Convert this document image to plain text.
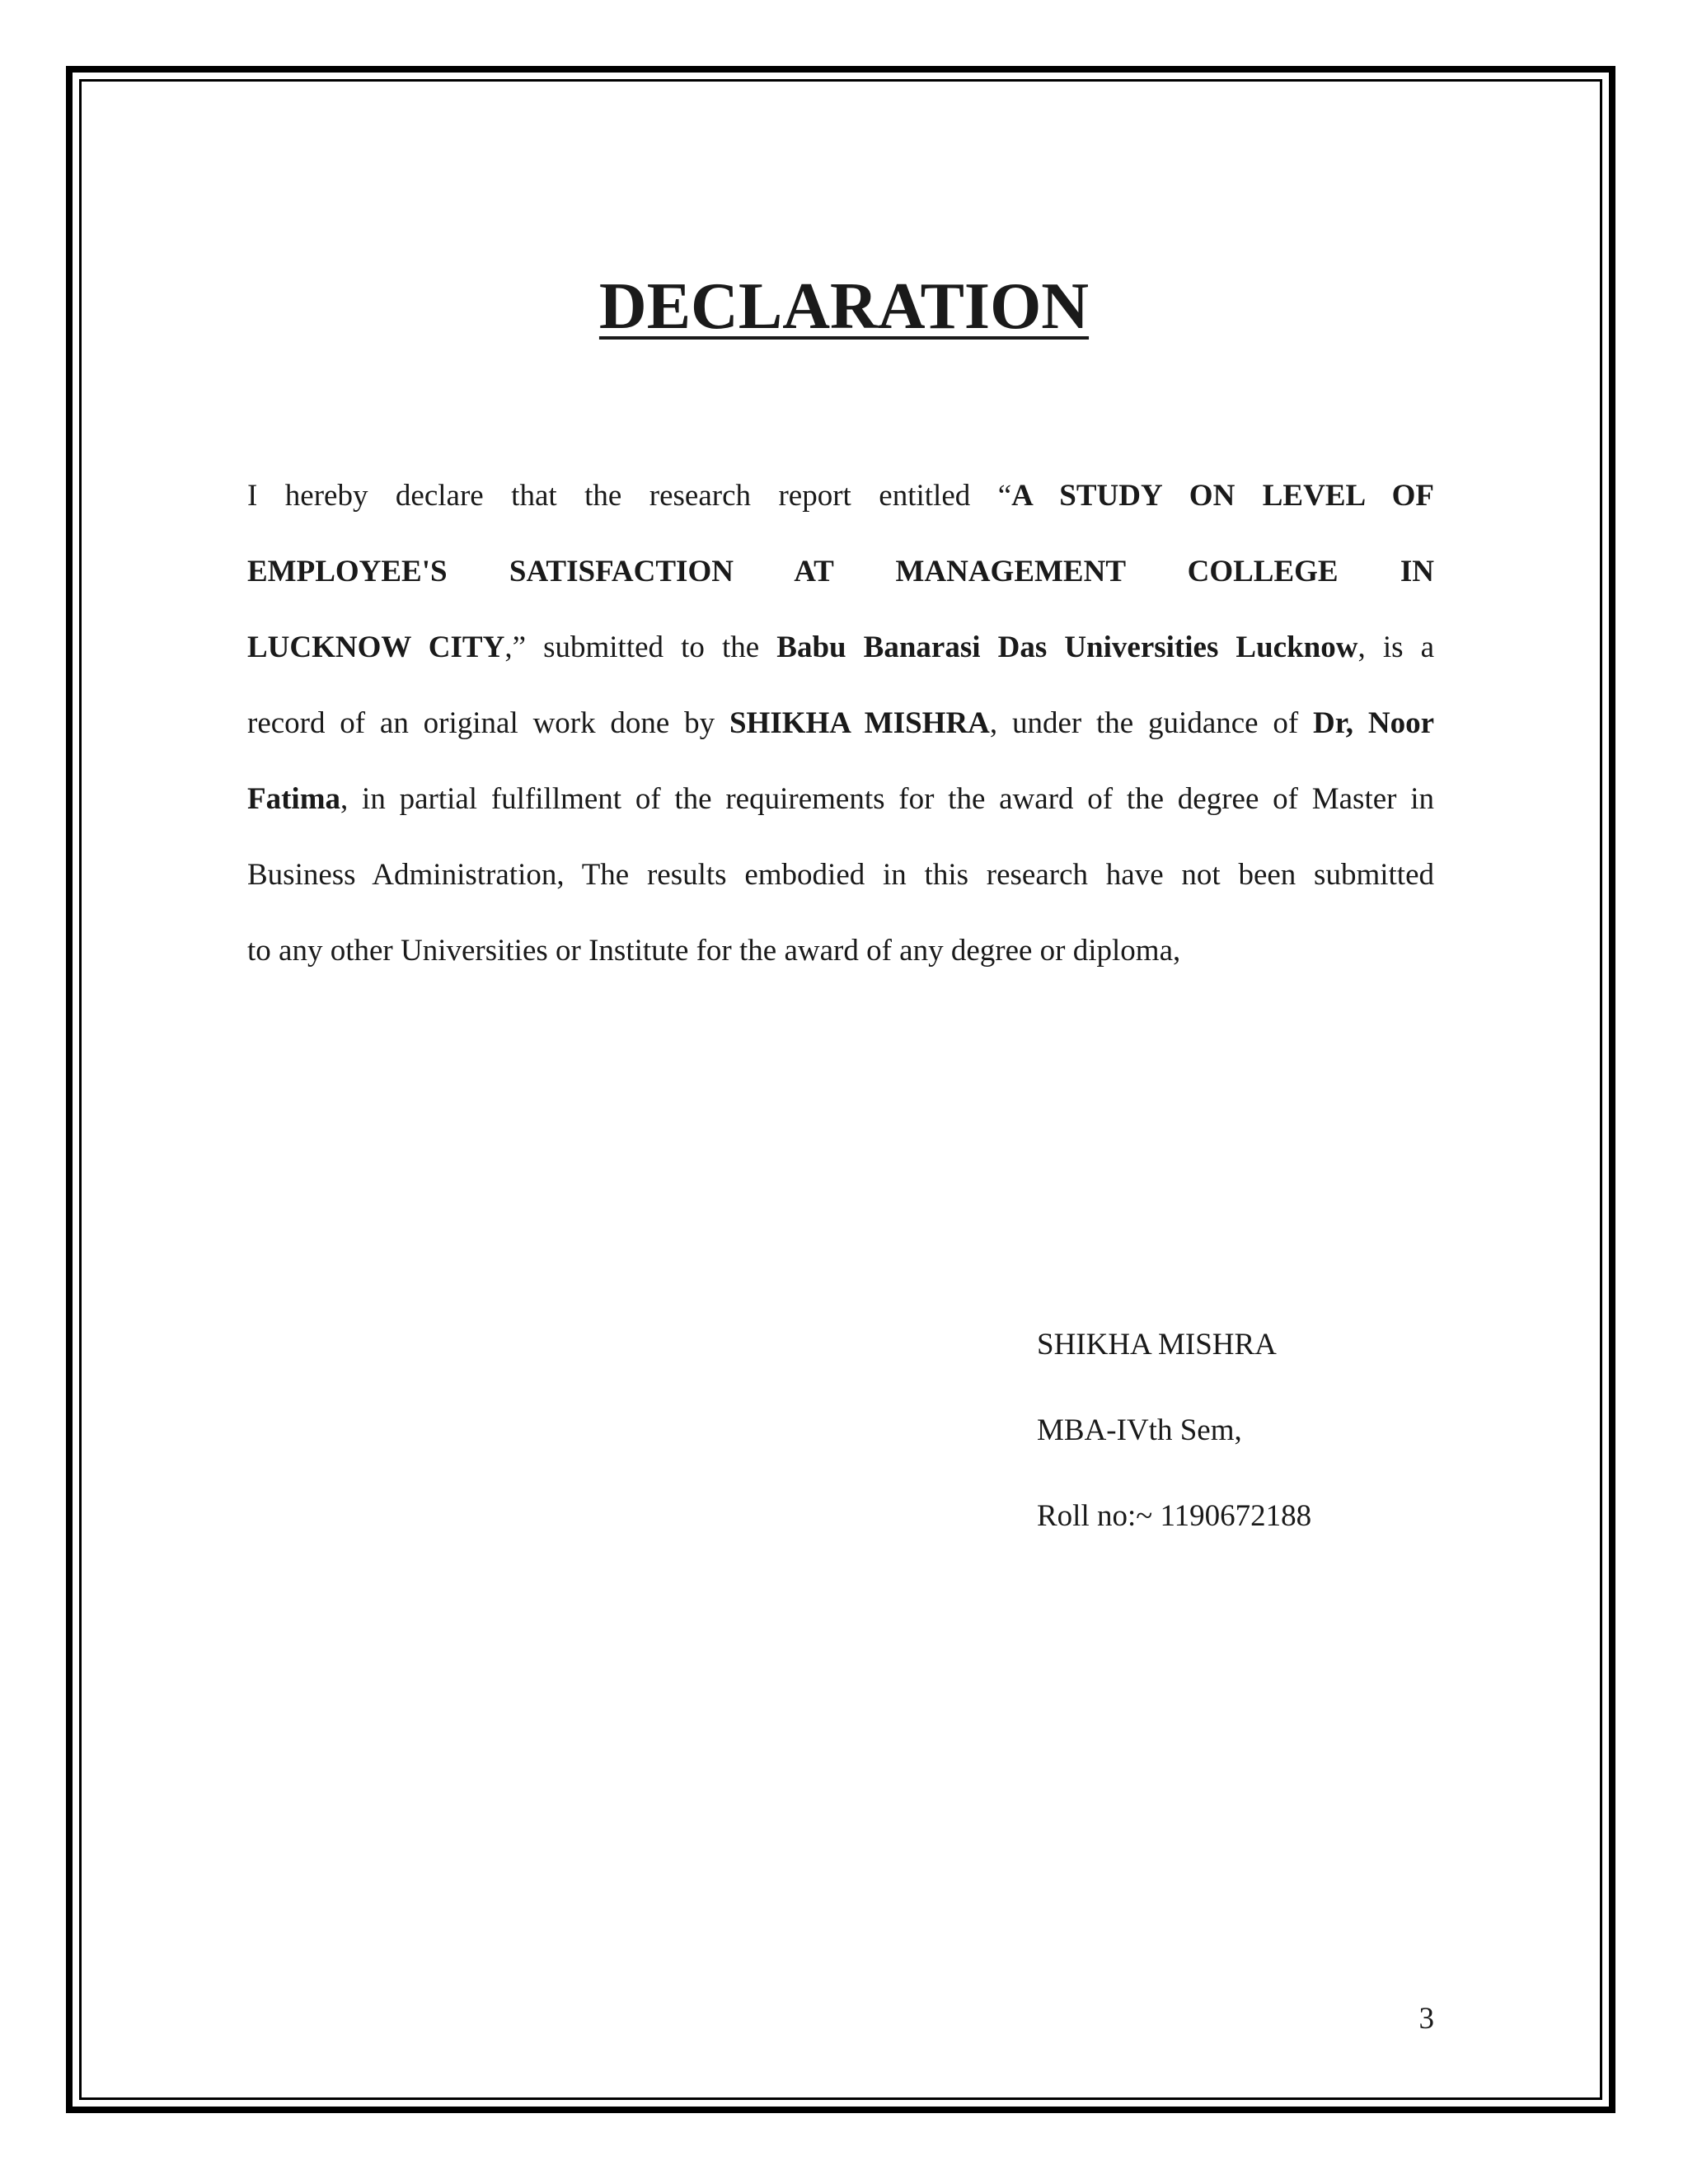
DECLARATION
I hereby declare that the research report entitled “A STUDY ON LEVEL OF
EMPLOYEE'S SATISFACTION AT MANAGEMENT COLLEGE IN
LUCKNOW CITY,” submitted to the Babu Banarasi Das Universities Lucknow, is a
record of an original work done by SHIKHA MISHRA, under the guidance of Dr, Noor
Fatima, in partial fulfillment of the requirements for the award of the degree of Master in
Business Administration, The results embodied in this research have not been submitted
to any other Universities or Institute for the award of any degree or diploma,
SHIKHA MISHRA
MBA-IVth Sem,
Roll no:~ 1190672188
3
